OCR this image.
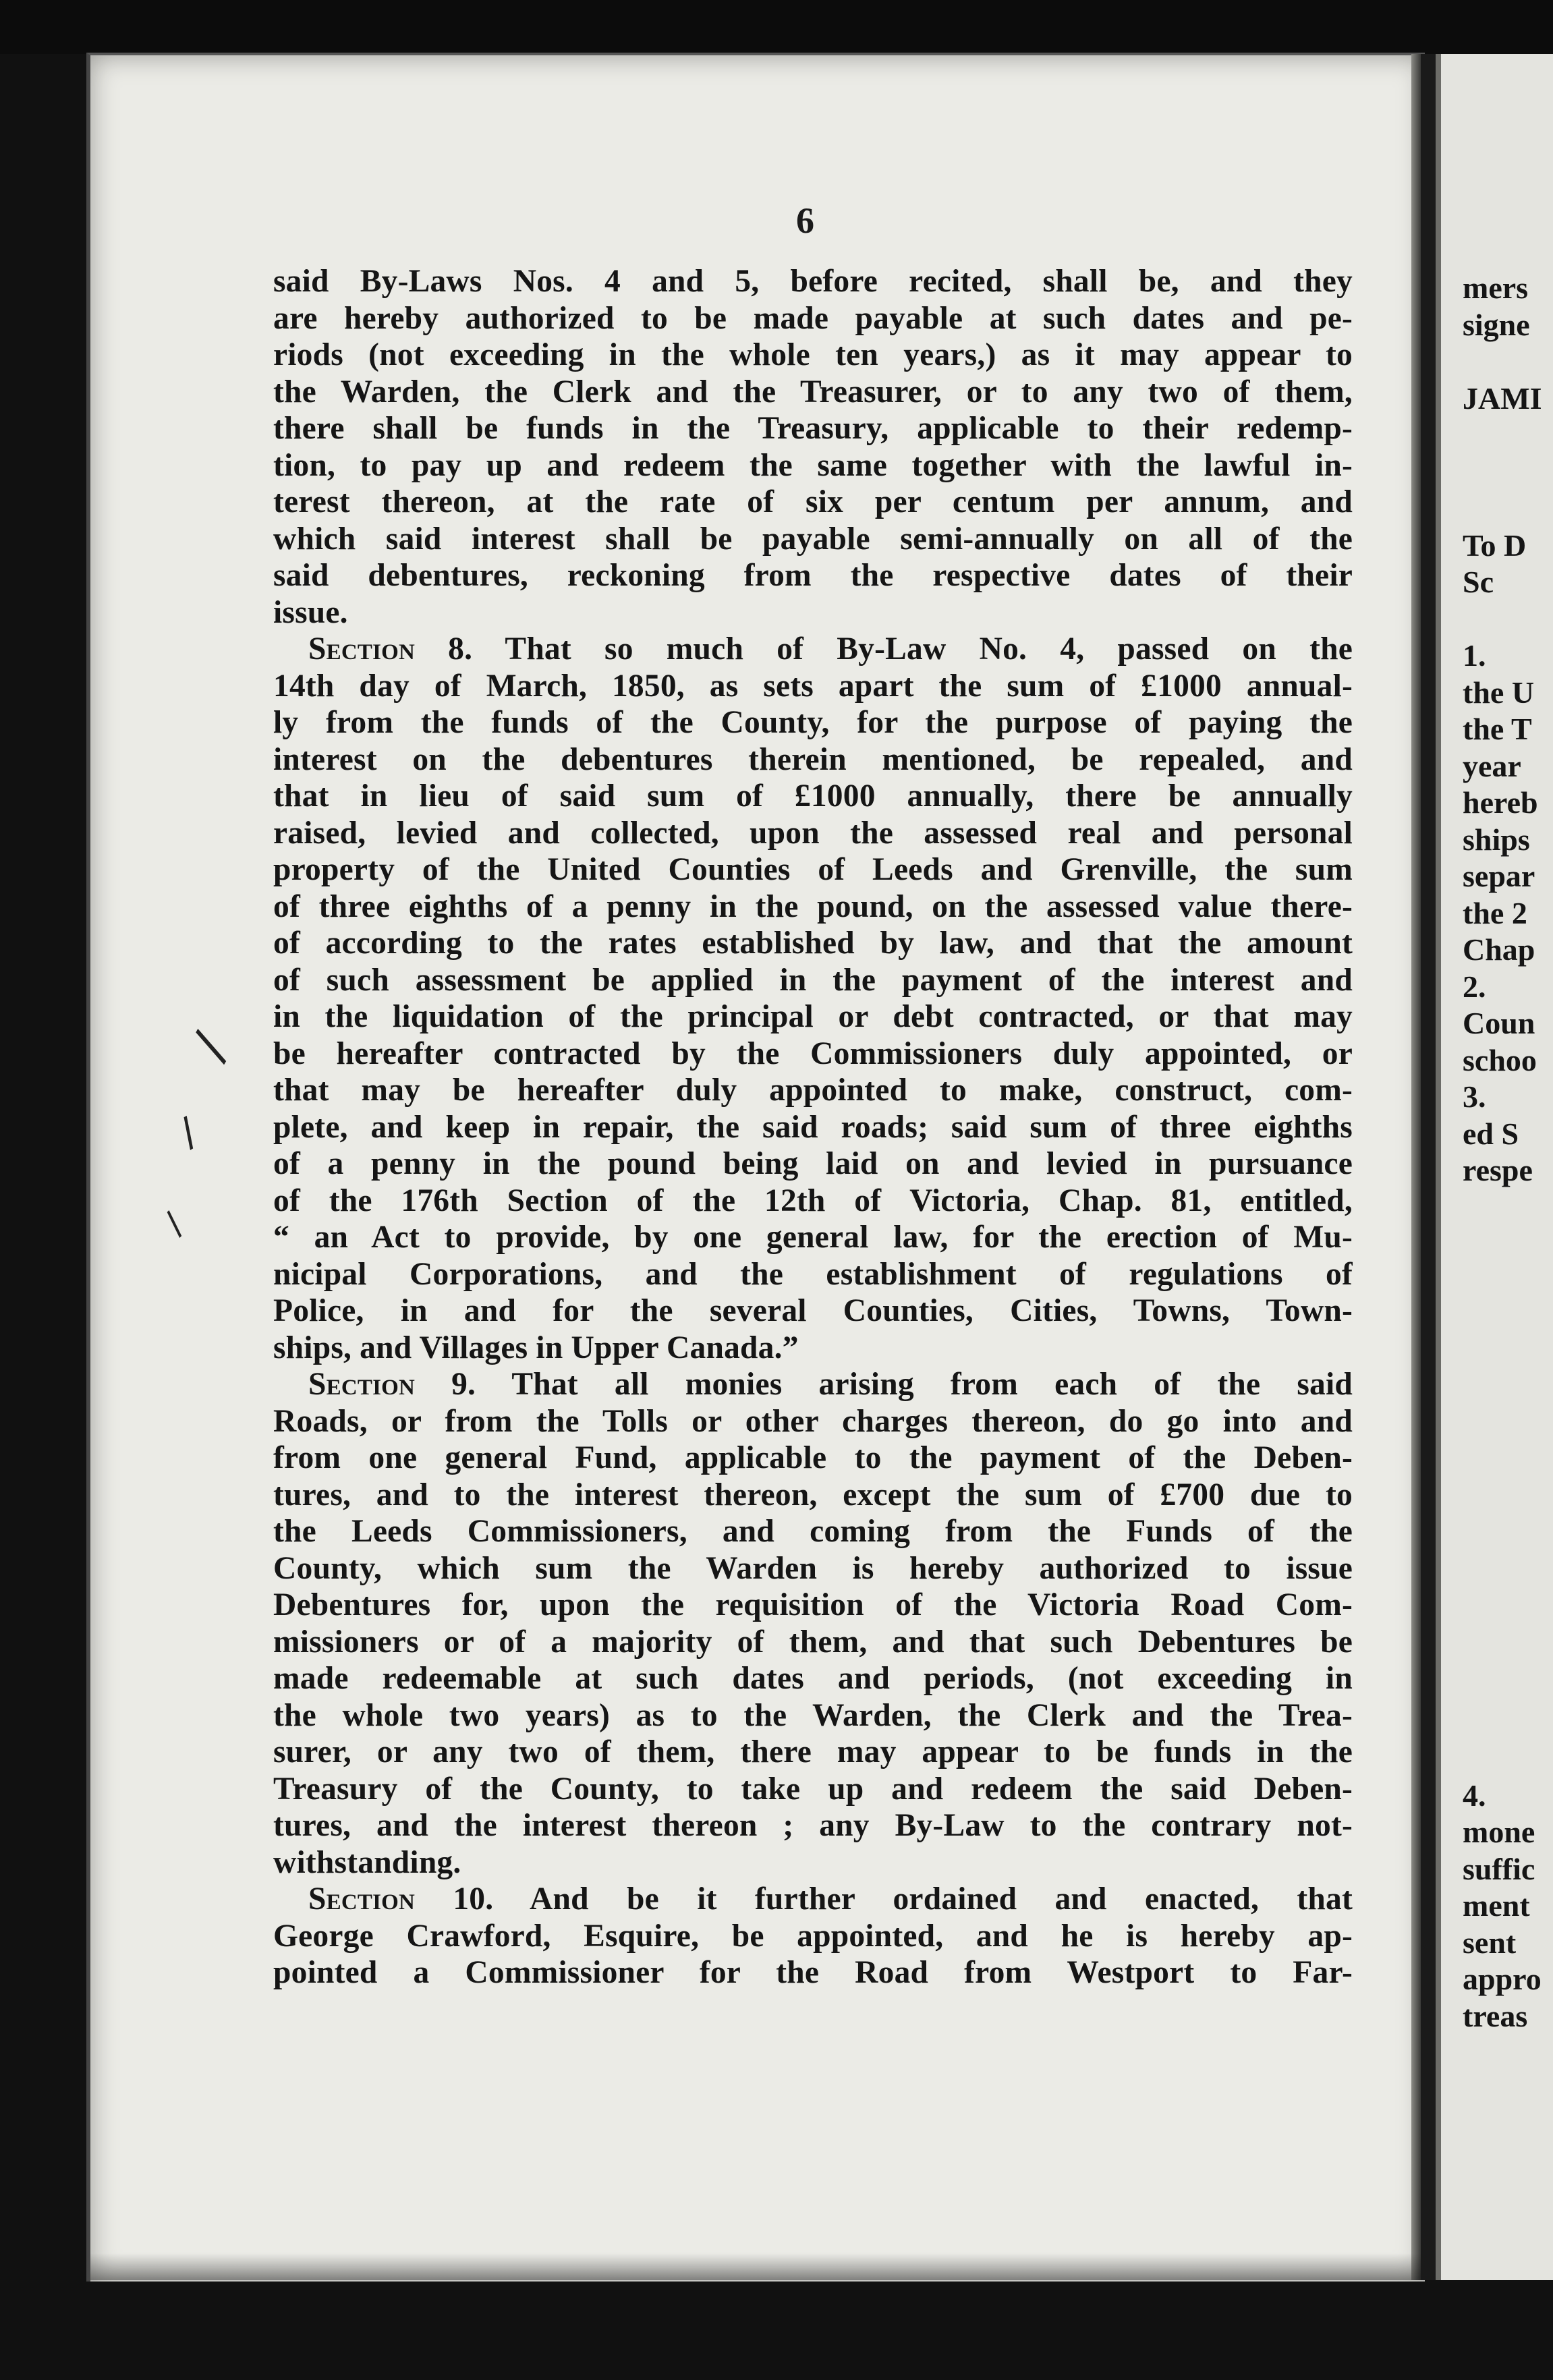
6
said By-Laws Nos. 4 and 5, before recited, shall be, and they
are hereby authorized to be made payable at such dates and pe-
riods (not exceeding in the whole ten years,) as it may appear to
the Warden, the Clerk and the Treasurer, or to any two of them,
there shall be funds in the Treasury, applicable to their redemp-
tion, to pay up and redeem the same together with the lawful in-
terest thereon, at the rate of six per centum per annum, and
which said interest shall be payable semi-annually on all of the
said debentures, reckoning from the respective dates of their
issue.
Section 8. That so much of By-Law No. 4, passed on the
14th day of March, 1850, as sets apart the sum of £1000 annual-
ly from the funds of the County, for the purpose of paying the
interest on the debentures therein mentioned, be repealed, and
that in lieu of said sum of £1000 annually, there be annually
raised, levied and collected, upon the assessed real and personal
property of the United Counties of Leeds and Grenville, the sum
of three eighths of a penny in the pound, on the assessed value there-
of according to the rates established by law, and that the amount
of such assessment be applied in the payment of the interest and
in the liquidation of the principal or debt contracted, or that may
be hereafter contracted by the Commissioners duly appointed, or
that may be hereafter duly appointed to make, construct, com-
plete, and keep in repair, the said roads; said sum of three eighths
of a penny in the pound being laid on and levied in pursuance
of the 176th Section of the 12th of Victoria, Chap. 81, entitled,
“ an Act to provide, by one general law, for the erection of Mu-
nicipal Corporations, and the establishment of regulations of
Police, in and for the several Counties, Cities, Towns, Town-
ships, and Villages in Upper Canada.”
Section 9. That all monies arising from each of the said
Roads, or from the Tolls or other charges thereon, do go into and
from one general Fund, applicable to the payment of the Deben-
tures, and to the interest thereon, except the sum of £700 due to
the Leeds Commissioners, and coming from the Funds of the
County, which sum the Warden is hereby authorized to issue
Debentures for, upon the requisition of the Victoria Road Com-
missioners or of a majority of them, and that such Debentures be
made redeemable at such dates and periods, (not exceeding in
the whole two years) as to the Warden, the Clerk and the Trea-
surer, or any two of them, there may appear to be funds in the
Treasury of the County, to take up and redeem the said Deben-
tures, and the interest thereon ; any By-Law to the contrary not-
withstanding.
Section 10. And be it further ordained and enacted, that
George Crawford, Esquire, be appointed, and he is hereby ap-
pointed a Commissioner for the Road from Westport to Far-
mers
signe
JAMI
To D
Sc
1.
the U
the T
year
hereb
ships
separ
the 2
Chap
2.
Coun
schoo
3.
ed S
respe
4.
mone
suffic
ment
sent
appro
treas
/
/
/
